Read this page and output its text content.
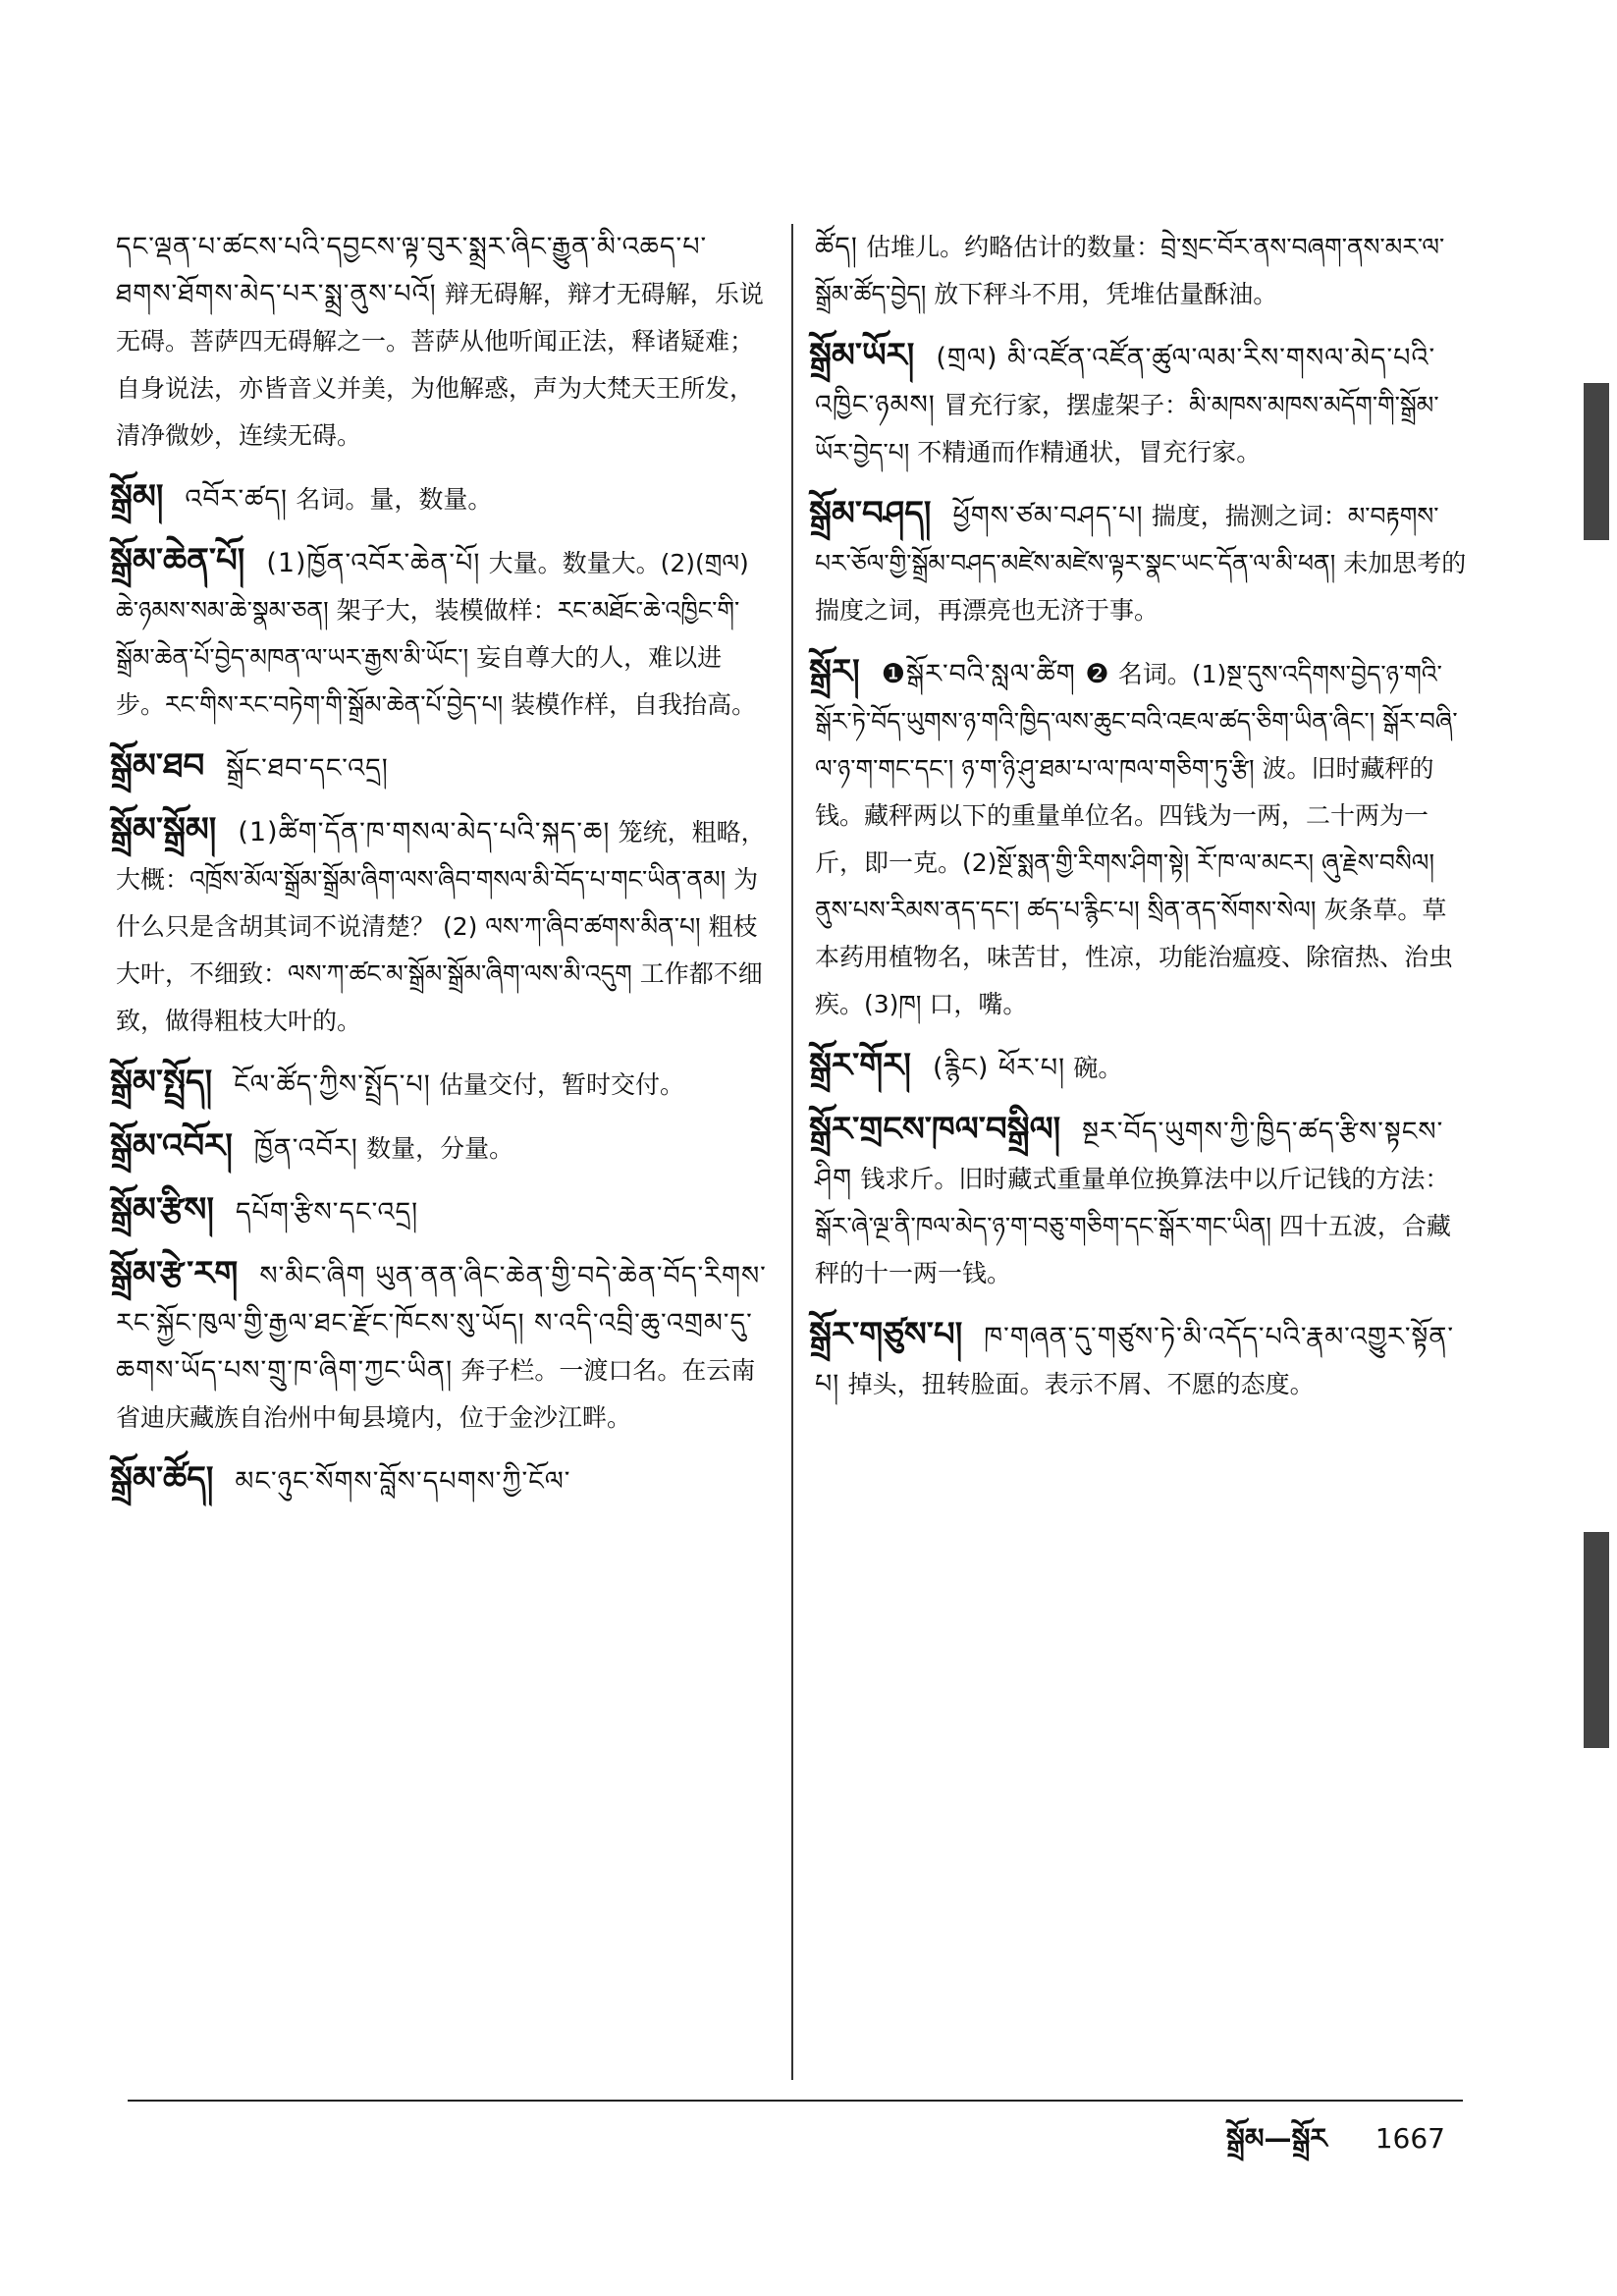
དང་ལྡན་པ་ཚངས་པའི་དབྱངས་ལྟ་བུར་སྨྲར་ཞིང་རྒྱུན་མི་འཆད་པ་ཐགས་ཐོགས་མེད་པར་སྨྲ་ནུས་པའོ། 辩无碍解，辩才无碍解，乐说无碍。菩萨四无碍解之一。菩萨从他听闻正法，释诸疑难；自身说法，亦皆音义并美，为他解惑，声为大梵天王所发，清净微妙，连续无碍。
སྒྲོམ། འབོར་ཚད། 名词。量，数量。
སྒྲོམ་ཆེན་པོ། (1)ཁྱོན་འབོར་ཆེན་པོ། 大量。数量大。(2)(གྲལ) ཆེ་ཉམས་སམ་ཆེ་སྣམ་ཅན། 架子大，装模做样：རང་མཐོང་ཆེ་འཁྱིང་གི་སྒྲོམ་ཆེན་པོ་བྱེད་མཁན་ལ་ཡར་རྒྱས་མི་ཡོང་། 妄自尊大的人，难以进步。རང་གིས་རང་བཏེག་གི་སྒྲོམ་ཆེན་པོ་བྱེད་པ། 装模作样，自我抬高。
སྒྲོམ་ཐབ སྒྲོང་ཐབ་དང་འདྲ།
སྒྲོམ་སྒྲོམ། (1)ཚིག་དོན་ཁ་གསལ་མེད་པའི་སྐད་ཆ། 笼统，粗略，大概：འཁྲོས་མོལ་སྒྲོམ་སྒྲོམ་ཞིག་ལས་ཞིབ་གསལ་མི་བོད་པ་གང་ཡིན་ནམ། 为什么只是含胡其词不说清楚？ (2) ལས་ཀ་ཞིབ་ཚགས་མིན་པ། 粗枝大叶，不细致：ལས་ཀ་ཚང་མ་སྒྲོམ་སྒྲོམ་ཞིག་ལས་མི་འདུག 工作都不细致，做得粗枝大叶的。
སྒྲོམ་སྤྲོད། ངོལ་ཚོད་ཀྱིས་སྤྲོད་པ། 估量交付，暂时交付。
སྒྲོམ་འབོར། ཁྱོན་འབོར། 数量，分量。
སྒྲོམ་རྩིས། དཔོག་རྩིས་དང་འདྲ།
སྒྲོམ་རྩེ་རག ས་མིང་ཞིག ཡུན་ནན་ཞིང་ཆེན་གྱི་བདེ་ཆེན་བོད་རིགས་རང་སྐྱོང་ཁུལ་གྱི་རྒྱལ་ཐང་རྫོང་ཁོངས་སུ་ཡོད། ས་འདི་འབྲི་ཆུ་འགྲམ་དུ་ཆགས་ཡོད་པས་གྲུ་ཁ་ཞིག་ཀྱང་ཡིན། 奔子栏。一渡口名。在云南省迪庆藏族自治州中甸县境内，位于金沙江畔。
སྒྲོམ་ཚོད། མང་ཉུང་སོགས་བློས་དཔགས་ཀྱི་ངོལ་
ཚོད། 估堆儿。约略估计的数量：བྲེ་སྲང་བོར་ནས་བཞག་ནས་མར་ལ་སྒྲོམ་ཚོད་བྱེད། 放下秤斗不用，凭堆估量酥油。
སྒྲོམ་ཡོར། (གྲལ) མི་འཛོན་འཛོན་ཚུལ་ལམ་རིས་གསལ་མེད་པའི་འཁྱིང་ཉམས། 冒充行家，摆虚架子：མི་མཁས་མཁས་མདོག་གི་སྒྲོམ་ཡོར་བྱེད་པ། 不精通而作精通状，冒充行家。
སྒྲོམ་བཤད། ཕྱོགས་ཙམ་བཤད་པ། 揣度，揣测之词：མ་བརྟགས་པར་ཅོལ་གྱི་སྒྲོམ་བཤད་མཛེས་མཛེས་ལྟར་སྣང་ཡང་དོན་ལ་མི་ཕན། 未加思考的揣度之词，再漂亮也无济于事。
སྒྲོར། ❶སྒོར་བའི་སླལ་ཚིག ❷ 名词。(1)སྔ་དུས་འདིགས་བྱེད་ཉ་གའི་སྒོར་ཏེ་བོད་ཡུགས་ཉ་གའི་ཁྱིད་ལས་ཆུང་བའི་འཇལ་ཚད་ཅིག་ཡིན་ཞིང་། སྒོར་བཞི་ལ་ཉ་ག་གང་དང་། ཉ་ག་ཉི་ཤུ་ཐམ་པ་ལ་ཁལ་གཅིག་ཏུ་རྩི། 波。旧时藏秤的钱。藏秤两以下的重量单位名。四钱为一两，二十两为一斤，即一克。(2)སྔོ་སྨན་གྱི་རིགས་ཤིག་སྟེ། རོ་ཁ་ལ་མངར། ཞུ་རྗེས་བསིལ། ནུས་པས་རིམས་ནད་དང་། ཚད་པ་རྙིང་པ། སྲིན་ནད་སོགས་སེལ། 灰条草。草本药用植物名，味苦甘，性凉，功能治瘟疫、除宿热、治虫疾。(3)ཁ། 口，嘴。
སྒྲོར་གོར། (རྙིང) ཕོར་པ། 碗。
སྒྲོར་གྲངས་ཁལ་བསྒྲིལ། སྔར་བོད་ཡུགས་ཀྱི་ཁྱིད་ཚད་རྩིས་སྟངས་ཤིག 钱求斤。旧时藏式重量单位换算法中以斤记钱的方法：སྒོར་ཞེ་ལྔ་ནི་ཁལ་མེད་ཉ་ག་བཅུ་གཅིག་དང་སྒོར་གང་ཡིན། 四十五波，合藏秤的十一两一钱。
སྒྲོར་གཙུས་པ། ཁ་གཞན་དུ་གཙུས་ཏེ་མི་འདོད་པའི་རྣམ་འགྱུར་སྟོན་པ། 掉头，扭转脸面。表示不屑、不愿的态度。
སྒྲོམ—སྒྲོར 1667
